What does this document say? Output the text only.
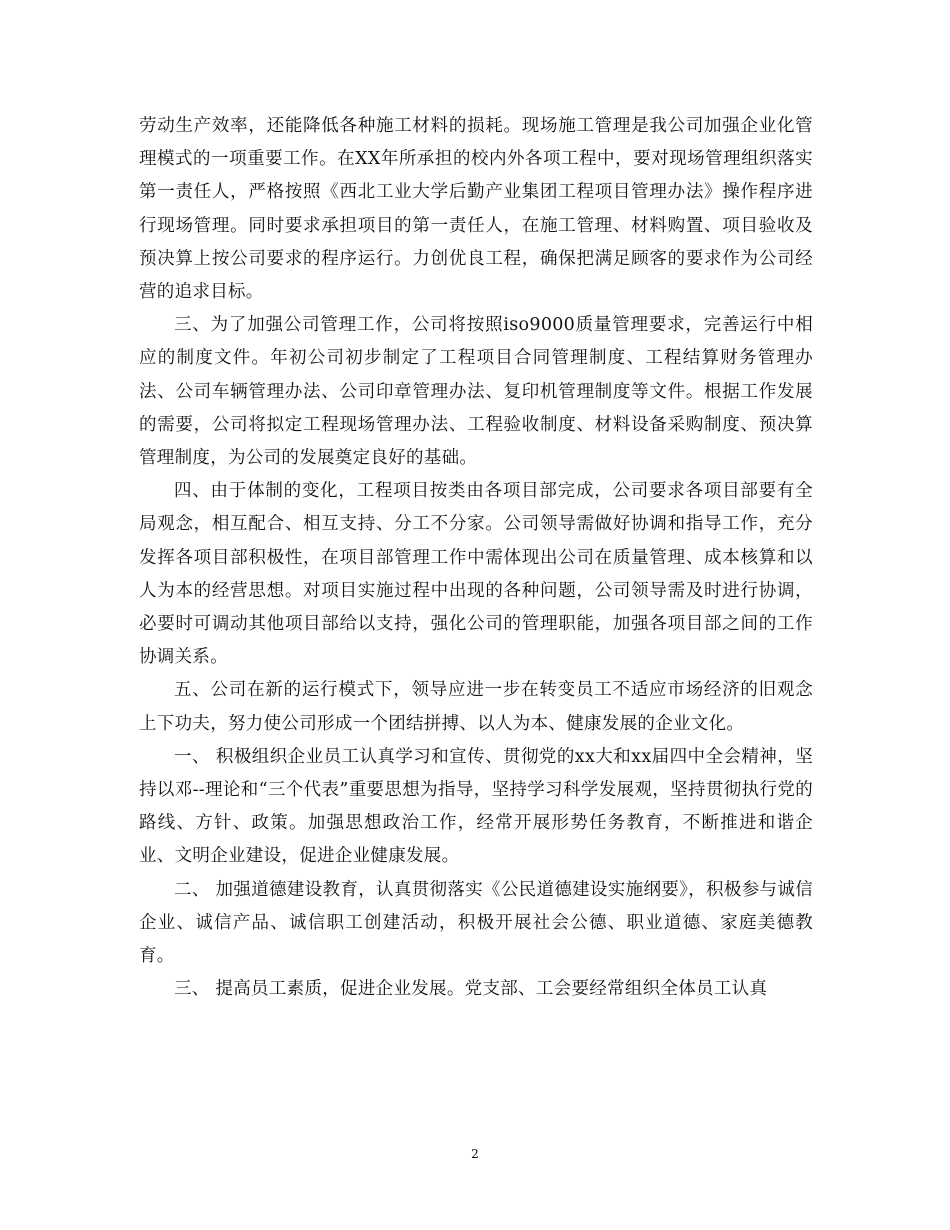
劳动生产效率，还能降低各种施工材料的损耗。现场施工管理是我公司加强企业化管理模式的一项重要工作。在XX年所承担的校内外各项工程中，要对现场管理组织落实第一责任人，严格按照《西北工业大学后勤产业集团工程项目管理办法》操作程序进行现场管理。同时要求承担项目的第一责任人，在施工管理、材料购置、项目验收及预决算上按公司要求的程序运行。力创优良工程，确保把满足顾客的要求作为公司经营的追求目标。

三、为了加强公司管理工作，公司将按照iso9000质量管理要求，完善运行中相应的制度文件。年初公司初步制定了工程项目合同管理制度、工程结算财务管理办法、公司车辆管理办法、公司印章管理办法、复印机管理制度等文件。根据工作发展的需要，公司将拟定工程现场管理办法、工程验收制度、材料设备采购制度、预决算管理制度，为公司的发展奠定良好的基础。

四、由于体制的变化，工程项目按类由各项目部完成，公司要求各项目部要有全局观念，相互配合、相互支持、分工不分家。公司领导需做好协调和指导工作，充分发挥各项目部积极性，在项目部管理工作中需体现出公司在质量管理、成本核算和以人为本的经营思想。对项目实施过程中出现的各种问题，公司领导需及时进行协调，必要时可调动其他项目部给以支持，强化公司的管理职能，加强各项目部之间的工作协调关系。

五、公司在新的运行模式下，领导应进一步在转变员工不适应市场经济的旧观念上下功夫，努力使公司形成一个团结拼搏、以人为本、健康发展的企业文化。

一、 积极组织企业员工认真学习和宣传、贯彻党的xx大和xx届四中全会精神，坚持以邓--理论和“三个代表”重要思想为指导，坚持学习科学发展观，坚持贯彻执行党的路线、方针、政策。加强思想政治工作，经常开展形势任务教育，不断推进和谐企业、文明企业建设，促进企业健康发展。

二、 加强道德建设教育，认真贯彻落实《公民道德建设实施纲要》，积极参与诚信企业、诚信产品、诚信职工创建活动，积极开展社会公德、职业道德、家庭美德教育。

三、 提高员工素质，促进企业发展。党支部、工会要经常组织全体员工认真

2
